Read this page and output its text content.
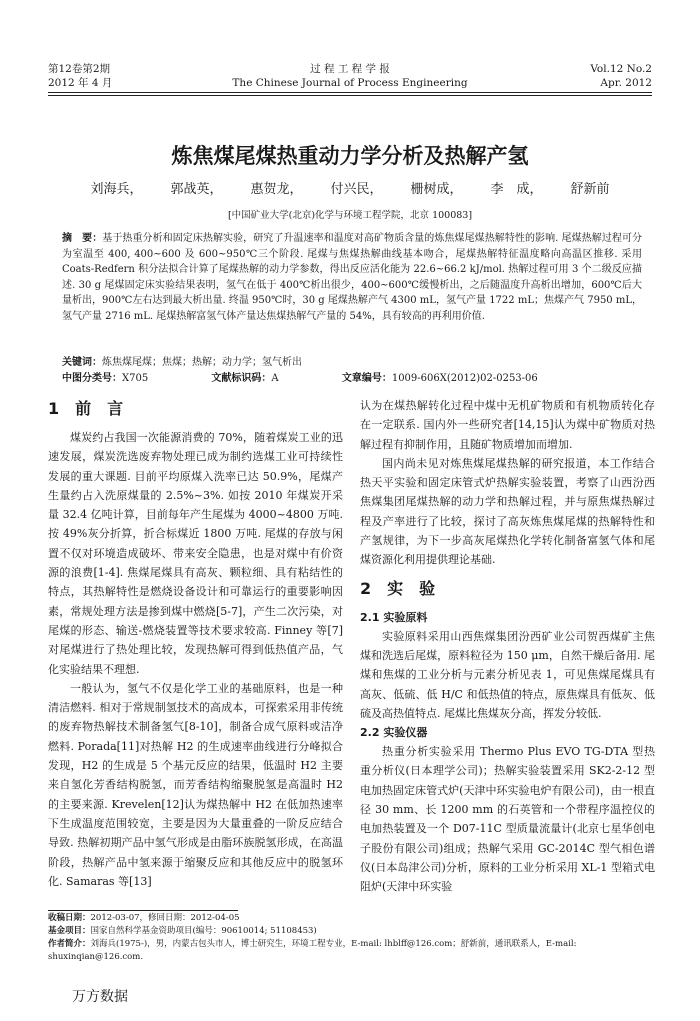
第12卷第2期
2012 年 4 月
过 程 工 程 学 报
The Chinese Journal of Process Engineering
Vol.12 No.2
Apr. 2012
炼焦煤尾煤热重动力学分析及热解产氢
刘海兵， 郭战英， 惠贺龙， 付兴民， 栅树成， 李　成， 舒新前
[中国矿业大学(北京)化学与环境工程学院，北京 100083]
摘　要：基于热重分析和固定床热解实验，研究了升温速率和温度对高矿物质含量的炼焦煤尾煤热解特性的影响. 尾煤热解过程可分为室温至 400, 400~600 及 600~950℃三个阶段. 尾煤与焦煤热解曲线基本吻合，尾煤热解特征温度略向高温区推移. 采用 Coats-Redfern 积分法拟合计算了尾煤热解的动力学参数，得出反应活化能为 22.6~66.2 kJ/mol. 热解过程可用 3 个二级反应描述. 30 g 尾煤固定床实验结果表明，氢气在低于 400℃析出很少，400~600℃缓慢析出，之后随温度升高析出增加，600℃后大量析出，900℃左右达到最大析出量. 终温 950℃时，30 g 尾煤热解产气 4300 mL，氢气产量 1722 mL；焦煤产气 7950 mL，氢气产量 2716 mL. 尾煤热解富氢气体产量达焦煤热解气产量的 54%，具有较高的再利用价值.
关键词：炼焦煤尾煤；焦煤；热解；动力学；氢气析出
中图分类号：X705	文献标识码：A	文章编号：1009-606X(2012)02-0253-06
1　前　言

煤炭约占我国一次能源消费的 70%，随着煤炭工业的迅速发展，煤炭洗选废弃物处理已成为制约选煤工业可持续性发展的重大课题. 目前平均原煤入洗率已达 50.9%，尾煤产生量约占入洗原煤量的 2.5%~3%. 如按 2010 年煤炭开采量 32.4 亿吨计算，目前每年产生尾煤为 4000~4800 万吨. 按 49%灰分折算，折合标煤近 1800 万吨. 尾煤的存放与闲置不仅对环境造成破坏、带来安全隐患，也是对煤中有价资源的浪费[1-4]. 焦煤尾煤具有高灰、颗粒细、具有粘结性的特点，其热解特性是燃烧设备设计和可靠运行的重要影响因素，常规处理方法是掺到煤中燃烧[5-7]，产生二次污染，对尾煤的形态、输送-燃烧装置等技术要求较高. Finney 等[7]对尾煤进行了热处理比较，发现热解可得到低热值产品，气化实验结果不理想.

一般认为，氢气不仅是化学工业的基础原料，也是一种清洁燃料. 相对于常规制氢技术的高成本，可探索采用非传统的废弃物热解技术制备氢气[8-10]，制备合成气原料或洁净燃料. Porada[11]对热解 H2 的生成速率曲线进行分峰拟合发现，H2 的生成是 5 个基元反应的结果，低温时 H2 主要来自氢化芳香结构脱氢，而芳香结构缩聚脱氢是高温时 H2 的主要来源. Krevelen[12]认为煤热解中 H2 在低加热速率下生成温度范围较宽，主要是因为大量重叠的一阶反应结合导致. 热解初期产品中氢气形成是由脂环族脱氢形成，在高温阶段，热解产品中氢来源于缩聚反应和其他反应中的脱氢环化. Samaras 等[13]

认为在煤热解转化过程中煤中无机矿物质和有机物质转化存在一定联系. 国内外一些研究者[14,15]认为煤中矿物质对热解过程有抑制作用，且随矿物质增加而增加.

国内尚未见对炼焦煤尾煤热解的研究报道，本工作结合热天平实验和固定床管式炉热解实验装置，考察了山西汾西焦煤集团尾煤热解的动力学和热解过程，并与原焦煤热解过程及产率进行了比较，探讨了高灰炼焦煤尾煤的热解特性和产氢规律，为下一步高灰尾煤热化学转化制备富氢气体和尾煤资源化利用提供理论基础.

2　实　验
2.1 实验原料

实验原料采用山西焦煤集团汾西矿业公司贺西煤矿主焦煤和洗选后尾煤，原料粒径为 150 μm，自然干燥后备用. 尾煤和焦煤的工业分析与元素分析见表 1，可见焦煤尾煤具有高灰、低硫、低 H/C 和低热值的特点，原焦煤具有低灰、低硫及高热值特点. 尾煤比焦煤灰分高，挥发分较低.

2.2 实验仪器

热重分析实验采用 Thermo Plus EVO TG-DTA 型热重分析仪(日本理学公司)；热解实验装置采用 SK2-2-12 型电加热固定床管式炉(天津中环实验电炉有限公司)，由一根直径 30 mm、长 1200 mm 的石英管和一个带程序温控仪的电加热装置及一个 D07-11C 型质量流量计(北京七星华创电子股份有限公司)组成；热解气采用 GC-2014C 型气相色谱仪(日本岛津公司)分析，原料的工业分析采用 XL-1 型箱式电阻炉(天津中环实验

收稿日期：2012-03-07，修回日期：2012-04-05
基金项目：国家自然科学基金资助项目(编号：90610014; 51108453)
作者简介：刘海兵(1975-)，男，内蒙古包头市人，博士研究生，环境工程专业，E-mail: lhblff@126.com；舒新前，通讯联系人，E-mail: shuxinqian@126.com.
万方数据
